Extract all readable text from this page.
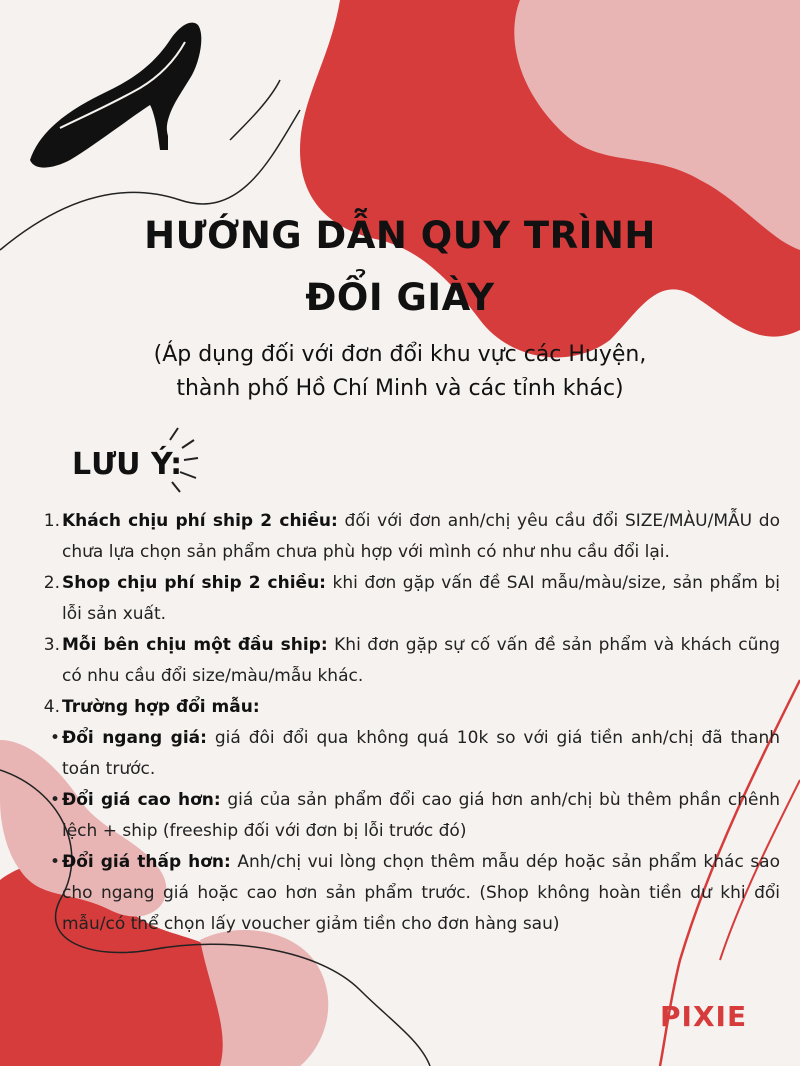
HƯỚNG DẪN QUY TRÌNH
ĐỔI GIÀY
(Áp dụng đối với đơn đổi khu vực các Huyện,
thành phố Hồ Chí Minh và các tỉnh khác)
LƯU Ý:
1. Khách chịu phí ship 2 chiều: đối với đơn anh/chị yêu cầu đổi SIZE/MÀU/MẪU do chưa lựa chọn sản phẩm chưa phù hợp với mình có như nhu cầu đổi lại.
2. Shop chịu phí ship 2 chiều: khi đơn gặp vấn đề SAI mẫu/màu/size, sản phẩm bị lỗi sản xuất.
3. Mỗi bên chịu một đầu ship: Khi đơn gặp sự cố vấn đề sản phẩm và khách cũng có nhu cầu đổi size/màu/mẫu khác.
4. Trường hợp đổi mẫu:
• Đổi ngang giá: giá đôi đổi qua không quá 10k so với giá tiền anh/chị đã thanh toán trước.
• Đổi giá cao hơn: giá của sản phẩm đổi cao giá hơn anh/chị bù thêm phần chênh lệch + ship (freeship đối với đơn bị lỗi trước đó)
• Đổi giá thấp hơn: Anh/chị vui lòng chọn thêm mẫu dép hoặc sản phẩm khác sao cho ngang giá hoặc cao hơn sản phẩm trước. (Shop không hoàn tiền dư khi đổi mẫu/có thể chọn lấy voucher giảm tiền cho đơn hàng sau)
PIXIE
